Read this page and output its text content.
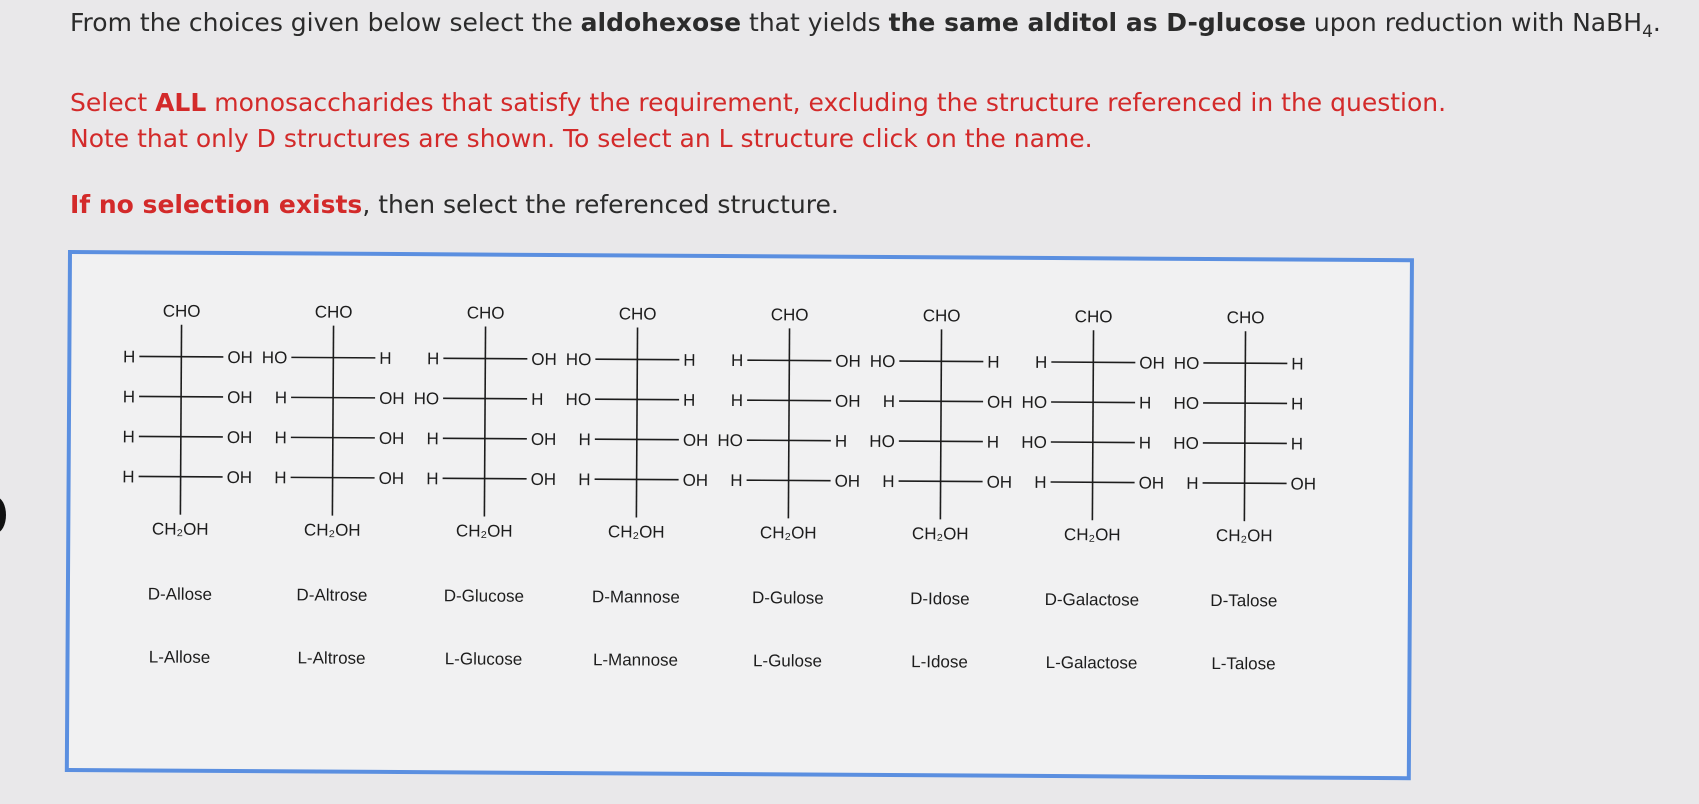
From the choices given below select the aldohexose that yields the same alditol as D-glucose upon reduction with NaBH$_4$.
Select ALL monosaccharides that satisfy the requirement, excluding the structure referenced in the question.
Note that only D structures are shown. To select an L structure click on the name.
If no selection exists, then select the referenced structure.
CHO
H	OH
H	OH
H	OH
H	OH
CH₂OH
D-Allose
L-Allose
CHO
HO	H
H	OH
H	OH
H	OH
CH₂OH
D-Altrose
L-Altrose
CHO
H	OH
HO	H
H	OH
H	OH
CH₂OH
D-Glucose
L-Glucose
CHO
HO	H
HO	H
H	OH
H	OH
CH₂OH
D-Mannose
L-Mannose
CHO
H	OH
H	OH
HO	H
H	OH
CH₂OH
D-Gulose
L-Gulose
CHO
HO	H
H	OH
HO	H
H	OH
CH₂OH
D-Idose
L-Idose
CHO
H	OH
HO	H
HO	H
H	OH
CH₂OH
D-Galactose
L-Galactose
CHO
HO	H
HO	H
HO	H
H	OH
CH₂OH
D-Talose
L-Talose
